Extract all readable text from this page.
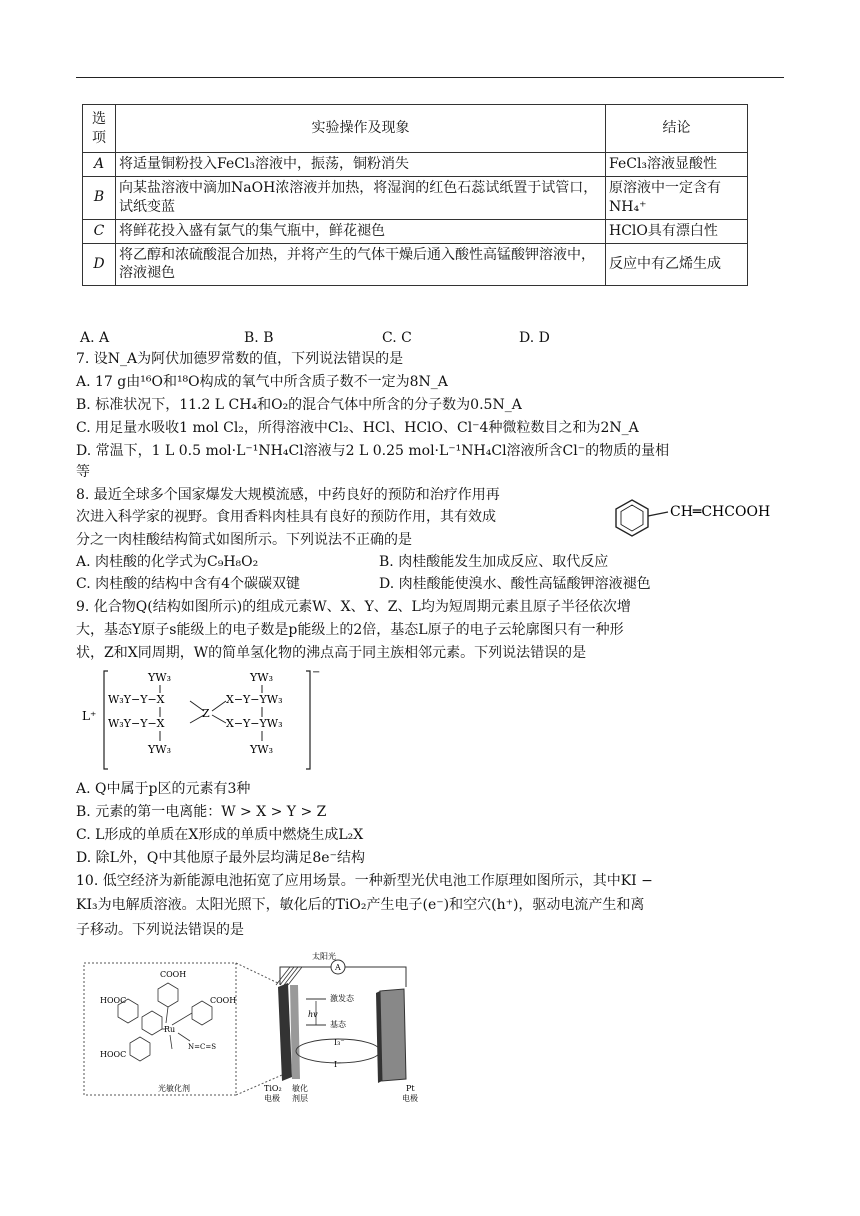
选项	实验操作及现象	结论
A	将适量铜粉投入FeCl₃溶液中，振荡，铜粉消失	FeCl₃溶液显酸性
B	向某盐溶液中滴加NaOH浓溶液并加热，将湿润的红色石蕊试纸置于试管口，试纸变蓝	原溶液中一定含有NH₄⁺
C	将鲜花投入盛有氯气的集气瓶中，鲜花褪色	HClO具有漂白性
D	将乙醇和浓硫酸混合加热，并将产生的气体干燥后通入酸性高锰酸钾溶液中，溶液褪色	反应中有乙烯生成
A. A	B. B	C. C	D. D
7. 设N_A为阿伏加德罗常数的值，下列说法错误的是
A. 17 g由¹⁶O和¹⁸O构成的氧气中所含质子数不一定为8N_A
B. 标准状况下，11.2 L CH₄和O₂的混合气体中所含的分子数为0.5N_A
C. 用足量水吸收1 mol Cl₂，所得溶液中Cl₂、HCl、HClO、Cl⁻4种微粒数目之和为2N_A
D. 常温下，1 L 0.5 mol·L⁻¹NH₄Cl溶液与2 L 0.25 mol·L⁻¹NH₄Cl溶液所含Cl⁻的物质的量相
等
8. 最近全球多个国家爆发大规模流感，中药良好的预防和治疗作用再
次进入科学家的视野。食用香料肉桂具有良好的预防作用，其有效成
分之一肉桂酸结构简式如图所示。下列说法不正确的是
CH═CHCOOH
A. 肉桂酸的化学式为C₉H₈O₂	B. 肉桂酸能发生加成反应、取代反应
C. 肉桂酸的结构中含有4个碳碳双键	D. 肉桂酸能使溴水、酸性高锰酸钾溶液褪色
9. 化合物Q(结构如图所示)的组成元素W、X、Y、Z、L均为短周期元素且原子半径依次增
大，基态Y原子s能级上的电子数是p能级上的2倍，基态L原子的电子云轮廓图只有一种形
状，Z和X同周期，W的简单氢化物的沸点高于同主族相邻元素。下列说法错误的是
L⁺
−
YW₃
W₃Y−Y−X
W₃Y−Y−X
YW₃
Z
YW₃
X−Y−YW₃
X−Y−YW₃
YW₃
A. Q中属于p区的元素有3种
B. 元素的第一电离能：W > X > Y > Z
C. L形成的单质在X形成的单质中燃烧生成L₂X
D. 除L外，Q中其他原子最外层均满足8e⁻结构
10. 低空经济为新能源电池拓宽了应用场景。一种新型光伏电池工作原理如图所示，其中KI −
KI₃为电解质溶液。太阳光照下，敏化后的TiO₂产生电子(e⁻)和空穴(h⁺)，驱动电流产生和离
子移动。下列说法错误的是
COOH
HOOC	COOH
HOOC
Ru
N=C=S
光敏化剂
A
太阳光
激发态
hv
基态
I₃⁻
I⁻
TiO₂
电极
敏化
剂层
Pt
电极
